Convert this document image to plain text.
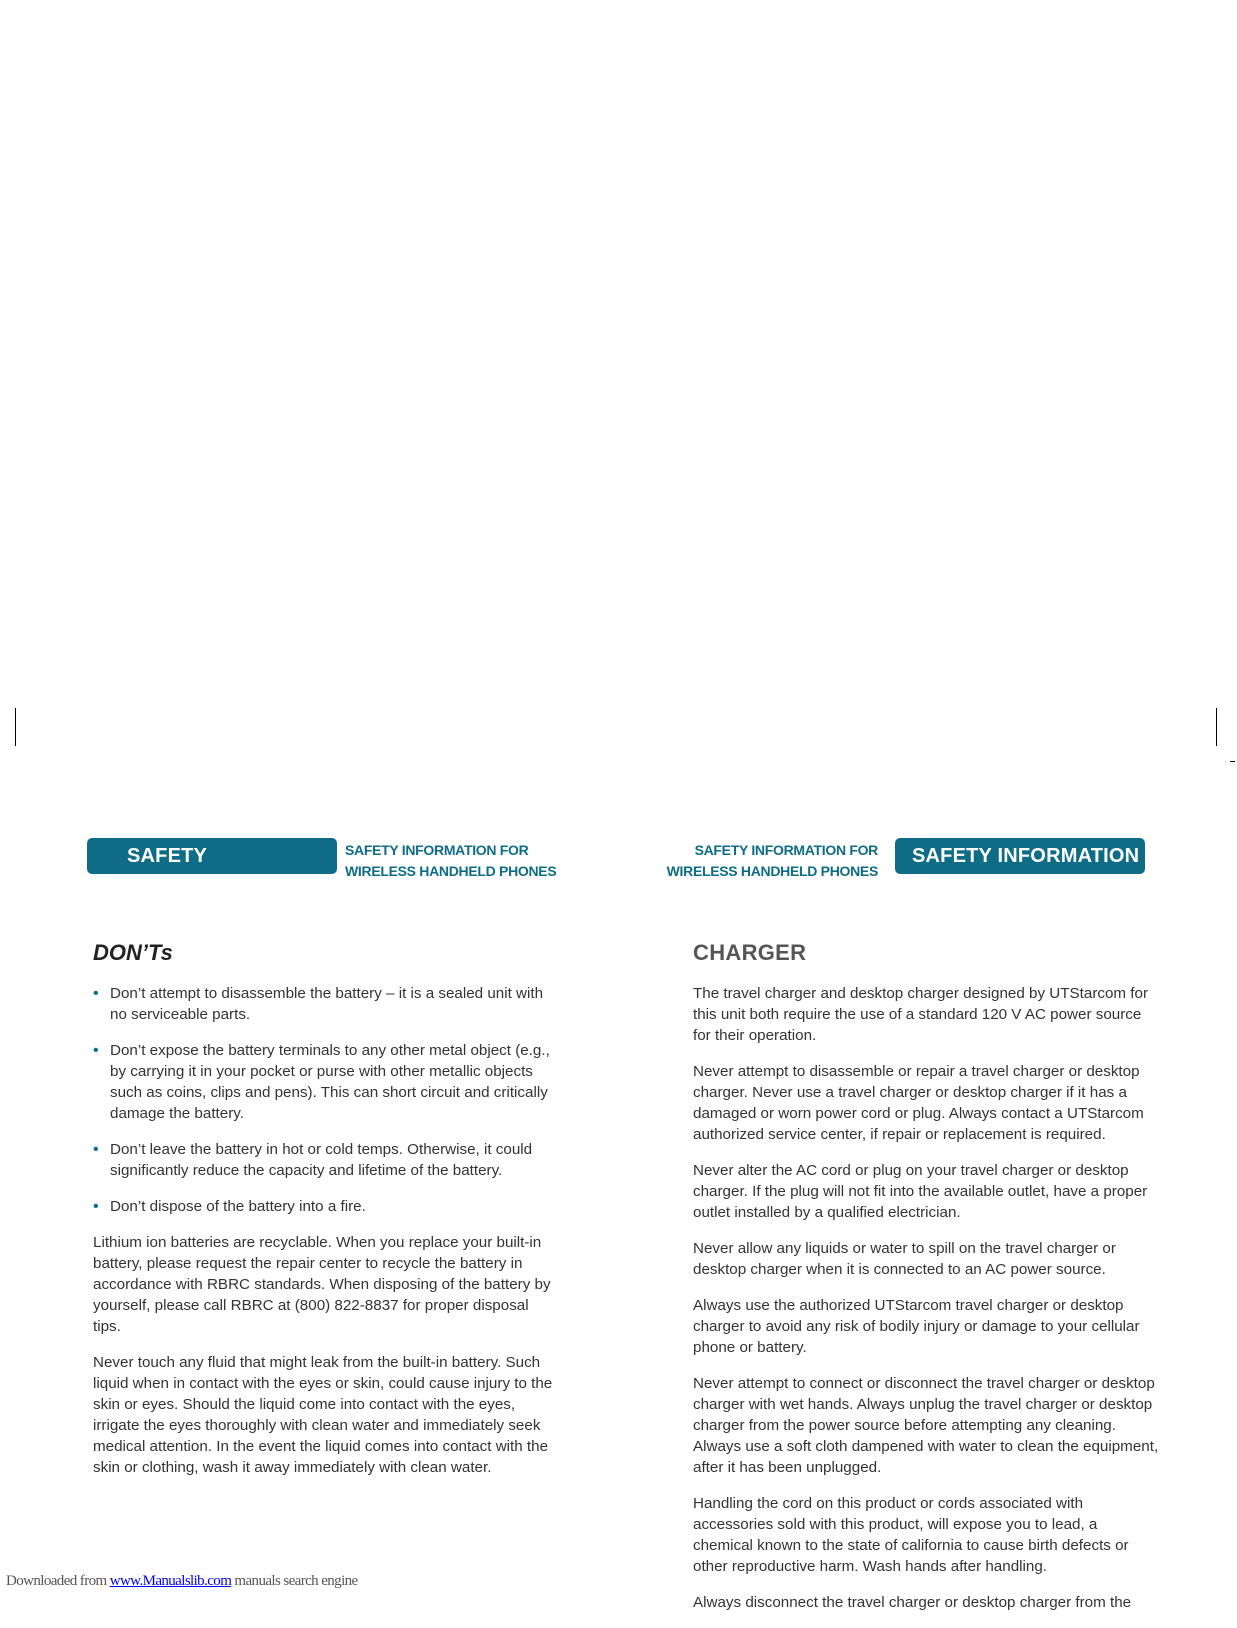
SAFETY INFORMATION
SAFETY INFORMATION FOR
WIRELESS HANDHELD PHONES
SAFETY INFORMATION FOR
WIRELESS HANDHELD PHONES
SAFETY INFORMATION
DON’Ts
• Don’t attempt to disassemble the battery – it is a sealed unit with no serviceable parts.
• Don’t expose the battery terminals to any other metal object (e.g., by carrying it in your pocket or purse with other metallic objects such as coins, clips and pens). This can short circuit and critically damage the battery.
• Don’t leave the battery in hot or cold temps. Otherwise, it could significantly reduce the capacity and lifetime of the battery.
• Don’t dispose of the battery into a fire.

Lithium ion batteries are recyclable. When you replace your built-in battery, please request the repair center to recycle the battery in accordance with RBRC standards. When disposing of the battery by yourself, please call RBRC at (800) 822-8837 for proper disposal tips.

Never touch any fluid that might leak from the built-in battery. Such liquid when in contact with the eyes or skin, could cause injury to the skin or eyes. Should the liquid come into contact with the eyes, irrigate the eyes thoroughly with clean water and immediately seek medical attention. In the event the liquid comes into contact with the skin or clothing, wash it away immediately with clean water.

CHARGER

The travel charger and desktop charger designed by UTStarcom for this unit both require the use of a standard 120 V AC power source for their operation.

Never attempt to disassemble or repair a travel charger or desktop charger. Never use a travel charger or desktop charger if it has a damaged or worn power cord or plug. Always contact a UTStarcom authorized service center, if repair or replacement is required.

Never alter the AC cord or plug on your travel charger or desktop charger. If the plug will not fit into the available outlet, have a proper outlet installed by a qualified electrician.

Never allow any liquids or water to spill on the travel charger or desktop charger when it is connected to an AC power source.

Always use the authorized UTStarcom travel charger or desktop charger to avoid any risk of bodily injury or damage to your cellular phone or battery.

Never attempt to connect or disconnect the travel charger or desktop charger with wet hands. Always unplug the travel charger or desktop charger from the power source before attempting any cleaning. Always use a soft cloth dampened with water to clean the equipment, after it has been unplugged.

Handling the cord on this product or cords associated with accessories sold with this product, will expose you to lead, a chemical known to the state of california to cause birth defects or other reproductive harm. Wash hands after handling.

Always disconnect the travel charger or desktop charger from the

Downloaded from www.Manualslib.com manuals search engine
